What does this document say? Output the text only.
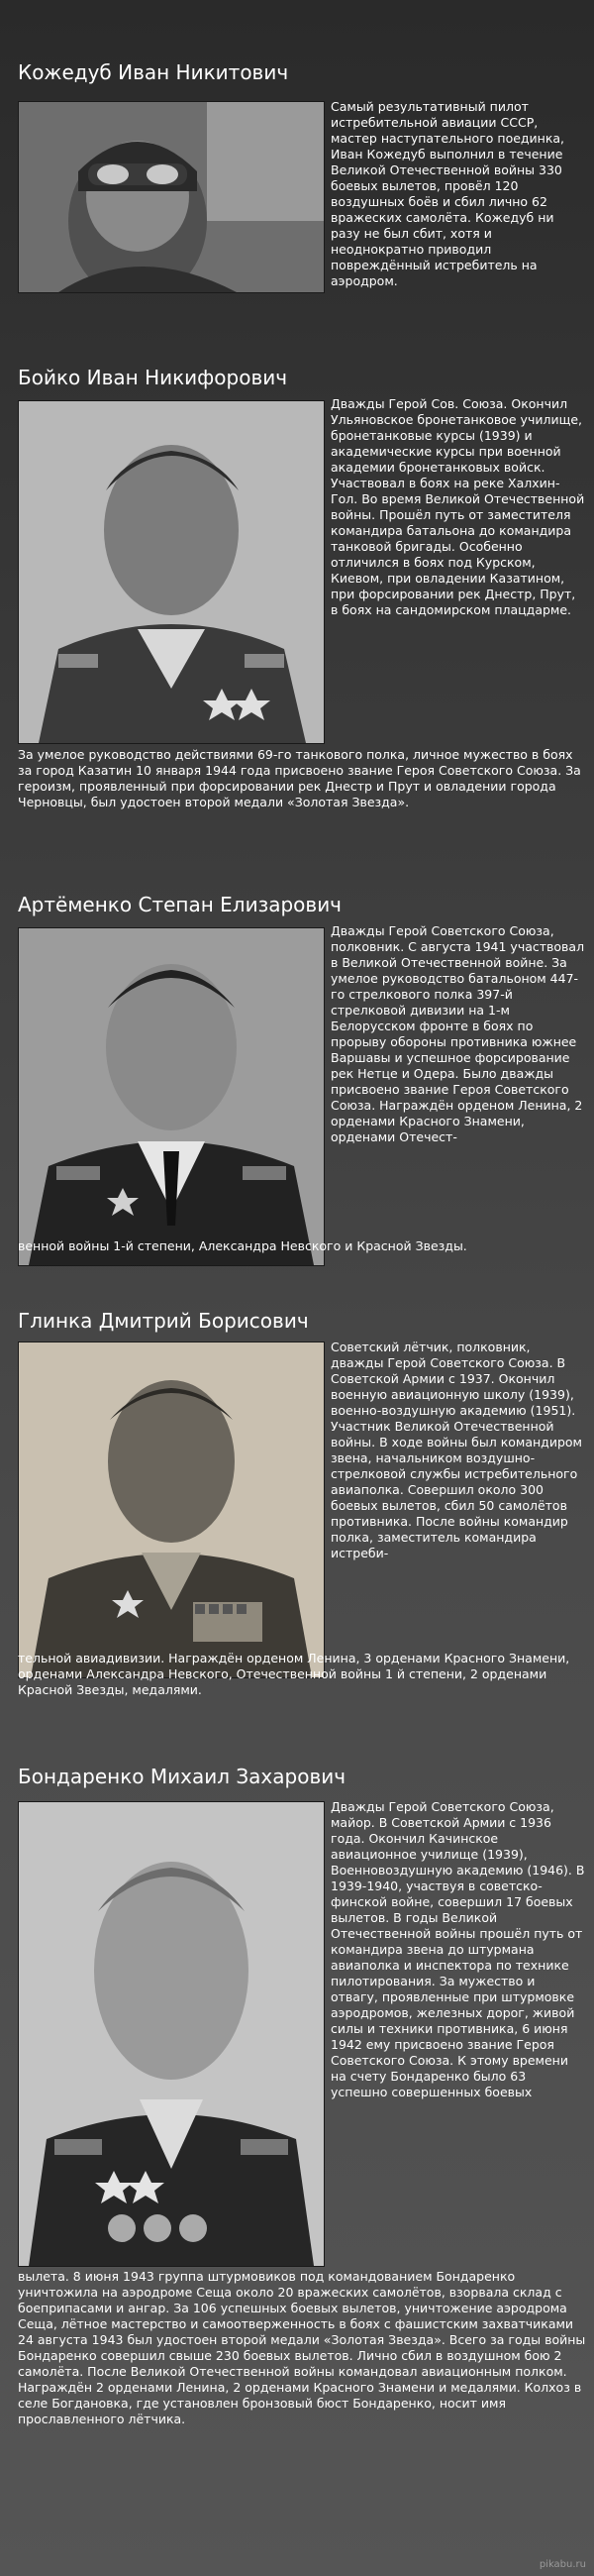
Кожедуб Иван Никитович
Самый результативный пилот истребительной авиации СССР, мастер наступательного поединка, Иван Кожедуб выполнил в течение Великой Отечественной войны 330 боевых вылетов, провёл 120 воздушных боёв и сбил лично 62 вражеских самолёта. Кожедуб ни разу не был сбит, хотя и неоднократно приводил повреждённый истребитель на аэродром.
Бойко Иван Никифорович
Дважды Герой Сов. Союза. Окончил Ульяновское бронетанковое училище, бронетанковые курсы (1939) и академические курсы при военной академии бронетанковых войск. Участвовал в боях на реке Халхин-Гол. Во время Великой Отечественной войны. Прошёл путь от заместителя командира батальона до командира танковой бригады. Особенно отличился в боях под Курском, Киевом, при овладении Казатином, при форсировании рек Днестр, Прут, в боях на сандомирском плацдарме.
За умелое руководство действиями 69-го танкового полка, личное мужество в боях за город Казатин 10 января 1944 года присвоено звание Героя Советского Союза. За героизм, проявленный при форсировании рек Днестр и Прут и овладении города Черновцы, был удостоен второй медали «Золотая Звезда».
Артёменко Степан Елизарович
Дважды Герой Советского Союза, полковник. С августа 1941 участвовал в Великой Отечественной войне. За умелое руководство батальоном 447-го стрелкового полка 397-й стрелковой дивизии на 1-м Белорусском фронте в боях по прорыву обороны противника южнее Варшавы и успешное форсирование рек Нетце и Одера. Было дважды присвоено звание Героя Советского Союза. Награждён орденом Ленина, 2 орденами Красного Знамени, орденами Отечест-
венной войны 1-й степени, Александра Невского и Красной Звезды.
Глинка Дмитрий Борисович
Советский лётчик, полковник, дважды Герой Советского Союза. В Советской Армии с 1937. Окончил военную авиационную школу (1939), военно-воздушную академию (1951). Участник Великой Отечественной войны. В ходе войны был командиром звена, начальником воздушно-стрелковой службы истребительного авиаполка. Совершил около 300 боевых вылетов, сбил 50 самолётов противника. После войны командир полка, заместитель командира истреби-
тельной авиадивизии. Награждён орденом Ленина, 3 орденами Красного Знамени, орденами Александра Невского, Отечественной войны 1 й степени, 2 орденами Красной Звезды, медалями.
Бондаренко Михаил Захарович
Дважды Герой Советского Союза, майор. В Советской Армии с 1936 года. Окончил Качинское авиационное училище (1939), Военновоздушную академию (1946). В 1939-1940, участвуя в советско-финской войне, совершил 17 боевых вылетов. В годы Великой Отечественной войны прошёл путь от командира звена до штурмана авиаполка и инспектора по технике пилотирования. За мужество и отвагу, проявленные при штурмовке аэродромов, железных дорог, живой силы и техники противника, 6 июня 1942 ему присвоено звание Героя Советского Союза. К этому времени на счету Бондаренко было 63 успешно совершенных боевых
вылета. 8 июня 1943 группа штурмовиков под командованием Бондаренко уничтожила на аэродроме Сеща около 20 вражеских самолётов, взорвала склад с боеприпасами и ангар. За 106 успешных боевых вылетов, уничтожение аэродрома Сеща, лётное мастерство и самоотверженность в боях с фашистским захватчиками 24 августа 1943 был удостоен второй медали «Золотая Звезда». Всего за годы войны Бондаренко совершил свыше 230 боевых вылетов. Лично сбил в воздушном бою 2 самолёта. После Великой Отечественной войны командовал авиационным полком. Награждён 2 орденами Ленина, 2 орденами Красного Знамени и медалями. Колхоз в селе Богдановка, где установлен бронзовый бюст Бондаренко, носит имя прославленного лётчика.
pikabu.ru
